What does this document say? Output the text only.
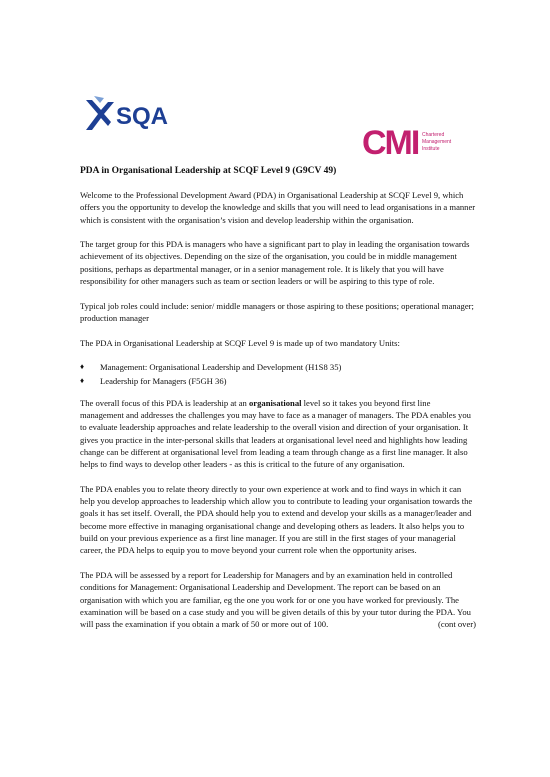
SQA
CMI Chartered
Management
Institute
PDA in Organisational Leadership at SCQF Level 9 (G9CV 49)

Welcome to the Professional Development Award (PDA) in Organisational Leadership at SCQF Level 9, which offers you the opportunity to develop the knowledge and skills that you will need to lead organisations in a manner which is consistent with the organisation’s vision and develop leadership within the organisation.

The target group for this PDA is managers who have a significant part to play in leading the organisation towards achievement of its objectives. Depending on the size of the organisation, you could be in middle management positions, perhaps as departmental manager, or in a senior management role. It is likely that you will have responsibility for other managers such as team or section leaders or will be aspiring to this type of role.

Typical job roles could include: senior/ middle managers or those aspiring to these positions; operational manager; production manager

The PDA in Organisational Leadership at SCQF Level 9 is made up of two mandatory Units:

♦ Management: Organisational Leadership and Development (H1S8 35)
♦ Leadership for Managers (F5GH 36)

The overall focus of this PDA is leadership at an organisational level so it takes you beyond first line management and addresses the challenges you may have to face as a manager of managers. The PDA enables you to evaluate leadership approaches and relate leadership to the overall vision and direction of your organisation. It gives you practice in the inter-personal skills that leaders at organisational level need and highlights how leading change can be different at organisational level from leading a team through change as a first line manager. It also helps to find ways to develop other leaders - as this is critical to the future of any organisation.

The PDA enables you to relate theory directly to your own experience at work and to find ways in which it can help you develop approaches to leadership which allow you to contribute to leading your organisation towards the goals it has set itself. Overall, the PDA should help you to extend and develop your skills as a manager/leader and become more effective in managing organisational change and developing others as leaders. It also helps you to build on your previous experience as a first line manager. If you are still in the first stages of your managerial career, the PDA helps to equip you to move beyond your current role when the opportunity arises.

The PDA will be assessed by a report for Leadership for Managers and by an examination held in controlled conditions for Management: Organisational Leadership and Development. The report can be based on an organisation with which you are familiar, eg the one you work for or one you have worked for previously. The examination will be based on a case study and you will be given details of this by your tutor during the PDA. You will pass the examination if you obtain a mark of 50 or more out of 100.	(cont over)
